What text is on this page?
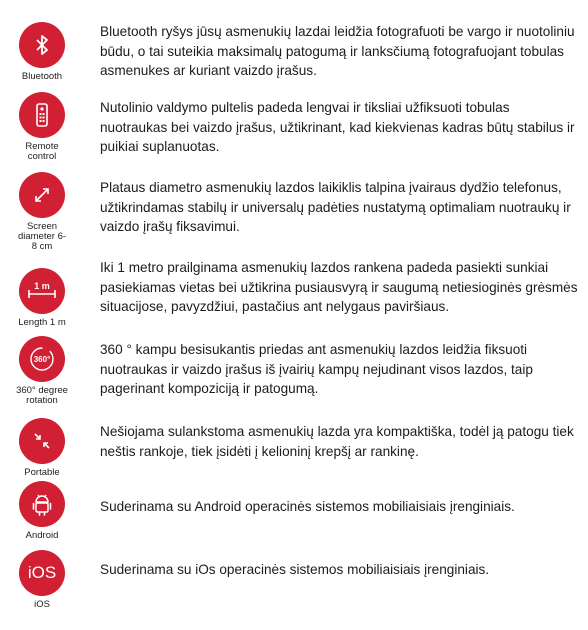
Bluetooth
Bluetooth ryšys jūsų asmenukių lazdai leidžia fotografuoti be vargo ir nuotoliniu būdu, o tai suteikia maksimalų patogumą ir lanksčiumą fotografuojant tobulas asmenukes ar kuriant vaizdo įrašus.
Remote control
Nutolinio valdymo pultelis padeda lengvai ir tiksliai užfiksuoti tobulas nuotraukas bei vaizdo įrašus, užtikrinant, kad kiekvienas kadras būtų stabilus ir puikiai suplanuotas.
Screen diameter 6-8 cm
Plataus diametro asmenukių lazdos laikiklis talpina įvairaus dydžio telefonus, užtikrindamas stabilų ir universalų padėties nustatymą optimaliam nuotraukų ir vaizdo įrašų fiksavimui.
1 m
Length 1 m
Iki 1 metro prailginama asmenukių lazdos rankena padeda pasiekti sunkiai pasiekiamas vietas bei užtikrina pusiausvyrą ir saugumą netiesioginės grėsmės situacijose, pavyzdžiui, pastačius ant nelygaus paviršiaus.
360°
360° degree rotation
360 ° kampu besisukantis priedas ant asmenukių lazdos leidžia fiksuoti nuotraukas ir vaizdo įrašus iš įvairių kampų nejudinant visos lazdos, taip pagerinant kompoziciją ir patogumą.
Portable
Nešiojama sulankstoma asmenukių lazda yra kompaktiška, todėl ją patogu tiek neštis rankoje, tiek įsidėti į kelioninį krepšį ar rankinę.
Android
Suderinama su Android operacinės sistemos mobiliaisiais įrenginiais.
iOS
iOS
Suderinama su iOs operacinės sistemos mobiliaisiais įrenginiais.
